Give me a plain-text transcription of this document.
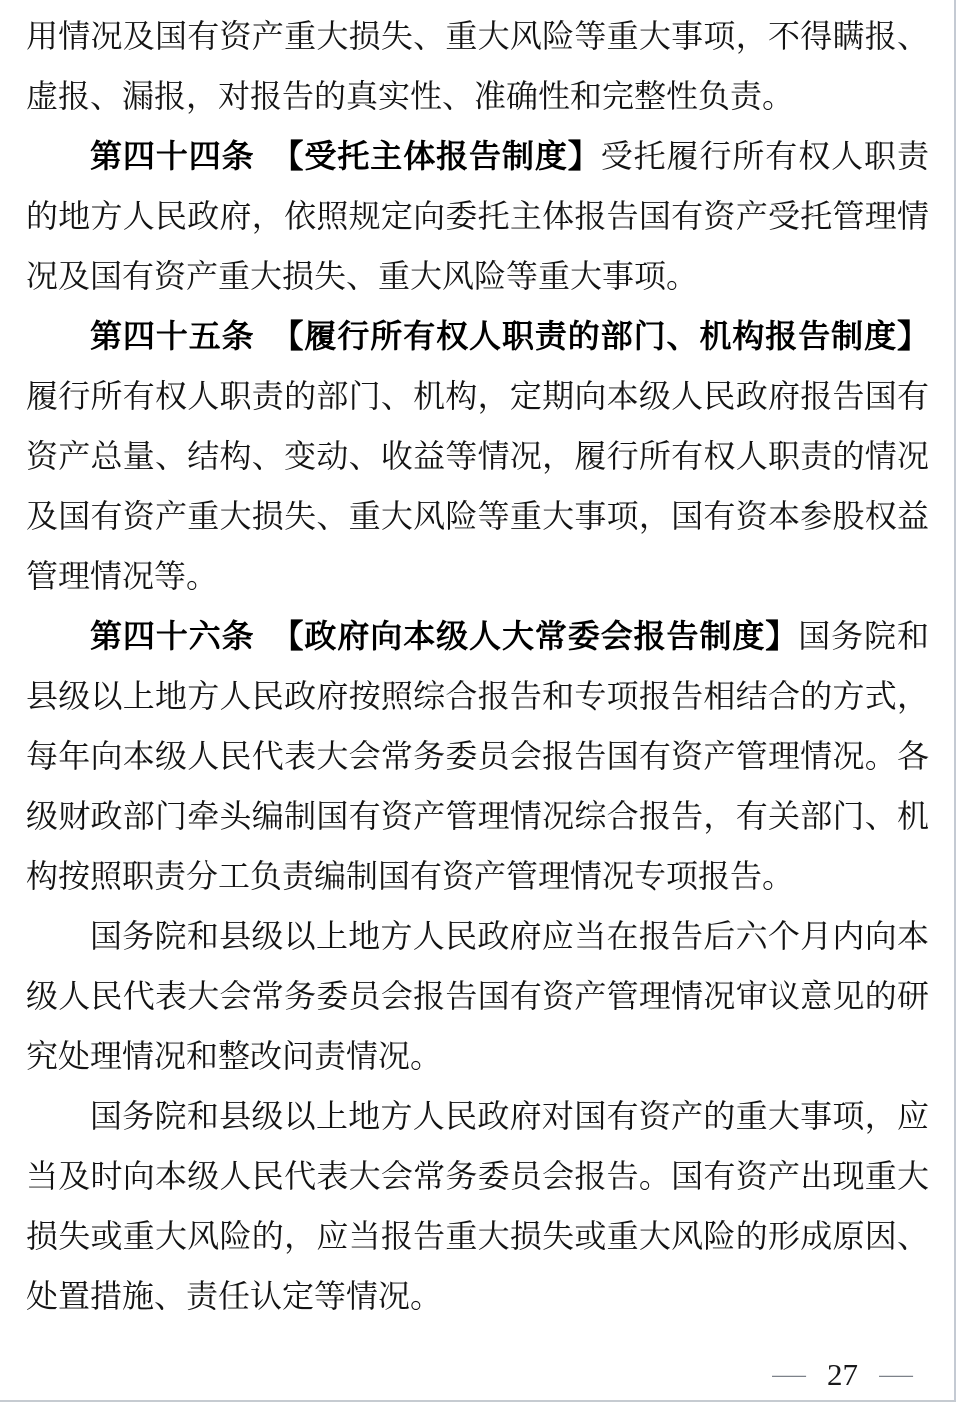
用情况及国有资产重大损失、重大风险等重大事项，不得瞒报、
虚报、漏报，对报告的真实性、准确性和完整性负责。
第四十四条　【受托主体报告制度】受托履行所有权人职责
的地方人民政府，依照规定向委托主体报告国有资产受托管理情
况及国有资产重大损失、重大风险等重大事项。
第四十五条　【履行所有权人职责的部门、机构报告制度】
履行所有权人职责的部门、机构，定期向本级人民政府报告国有
资产总量、结构、变动、收益等情况，履行所有权人职责的情况
及国有资产重大损失、重大风险等重大事项，国有资本参股权益
管理情况等。
第四十六条　【政府向本级人大常委会报告制度】国务院和
县级以上地方人民政府按照综合报告和专项报告相结合的方式，
每年向本级人民代表大会常务委员会报告国有资产管理情况。各
级财政部门牵头编制国有资产管理情况综合报告，有关部门、机
构按照职责分工负责编制国有资产管理情况专项报告。
国务院和县级以上地方人民政府应当在报告后六个月内向本
级人民代表大会常务委员会报告国有资产管理情况审议意见的研
究处理情况和整改问责情况。
国务院和县级以上地方人民政府对国有资产的重大事项，应
当及时向本级人民代表大会常务委员会报告。国有资产出现重大
损失或重大风险的，应当报告重大损失或重大风险的形成原因、
处置措施、责任认定等情况。
— 27 —
